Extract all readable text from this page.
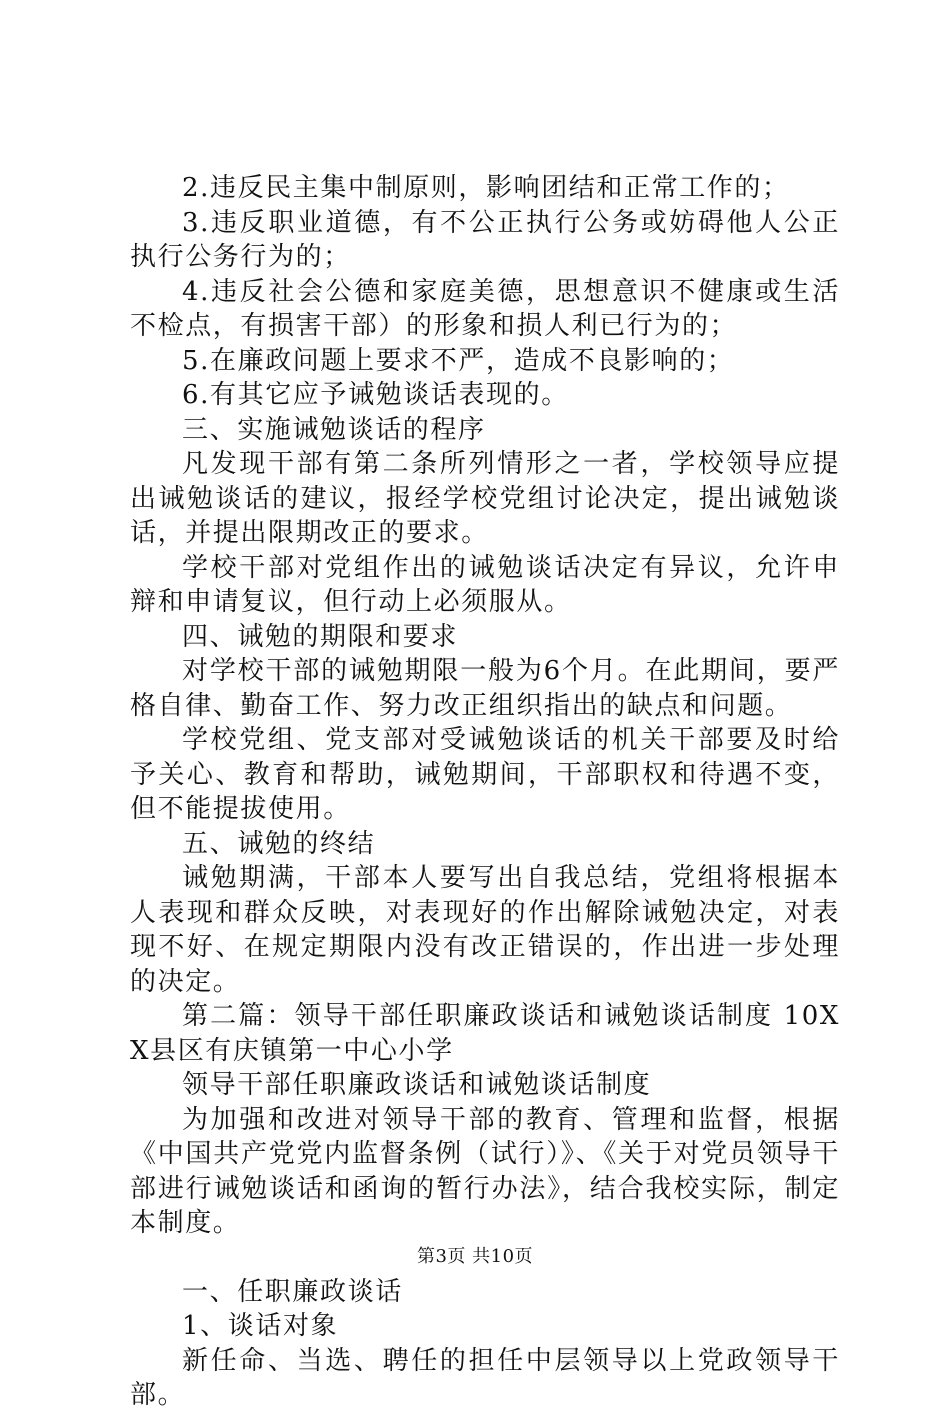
2.违反民主集中制原则，影响团结和正常工作的；

3.违反职业道德，有不公正执行公务或妨碍他人公正执行公务行为的；

4.违反社会公德和家庭美德，思想意识不健康或生活不检点，有损害干部）的形象和损人利已行为的；

5.在廉政问题上要求不严，造成不良影响的；

6.有其它应予诫勉谈话表现的。

三、实施诫勉谈话的程序

凡发现干部有第二条所列情形之一者，学校领导应提出诫勉谈话的建议，报经学校党组讨论决定，提出诫勉谈话，并提出限期改正的要求。

学校干部对党组作出的诫勉谈话决定有异议，允许申辩和申请复议，但行动上必须服从。

四、诫勉的期限和要求

对学校干部的诫勉期限一般为6个月。在此期间，要严格自律、勤奋工作、努力改正组织指出的缺点和问题。

学校党组、党支部对受诫勉谈话的机关干部要及时给予关心、教育和帮助，诫勉期间，干部职权和待遇不变，但不能提拔使用。

五、诫勉的终结

诫勉期满，干部本人要写出自我总结，党组将根据本人表现和群众反映，对表现好的作出解除诫勉决定，对表现不好、在规定期限内没有改正错误的，作出进一步处理的决定。

第二篇：领导干部任职廉政谈话和诫勉谈话制度 10XX县区有庆镇第一中心小学

领导干部任职廉政谈话和诫勉谈话制度

为加强和改进对领导干部的教育、管理和监督，根据《中国共产党党内监督条例（试行）》、《关于对党员领导干部进行诫勉谈话和函询的暂行办法》，结合我校实际，制定本制度。

一、任职廉政谈话

1、谈话对象

新任命、当选、聘任的担任中层领导以上党政领导干部。

第3页 共10页
